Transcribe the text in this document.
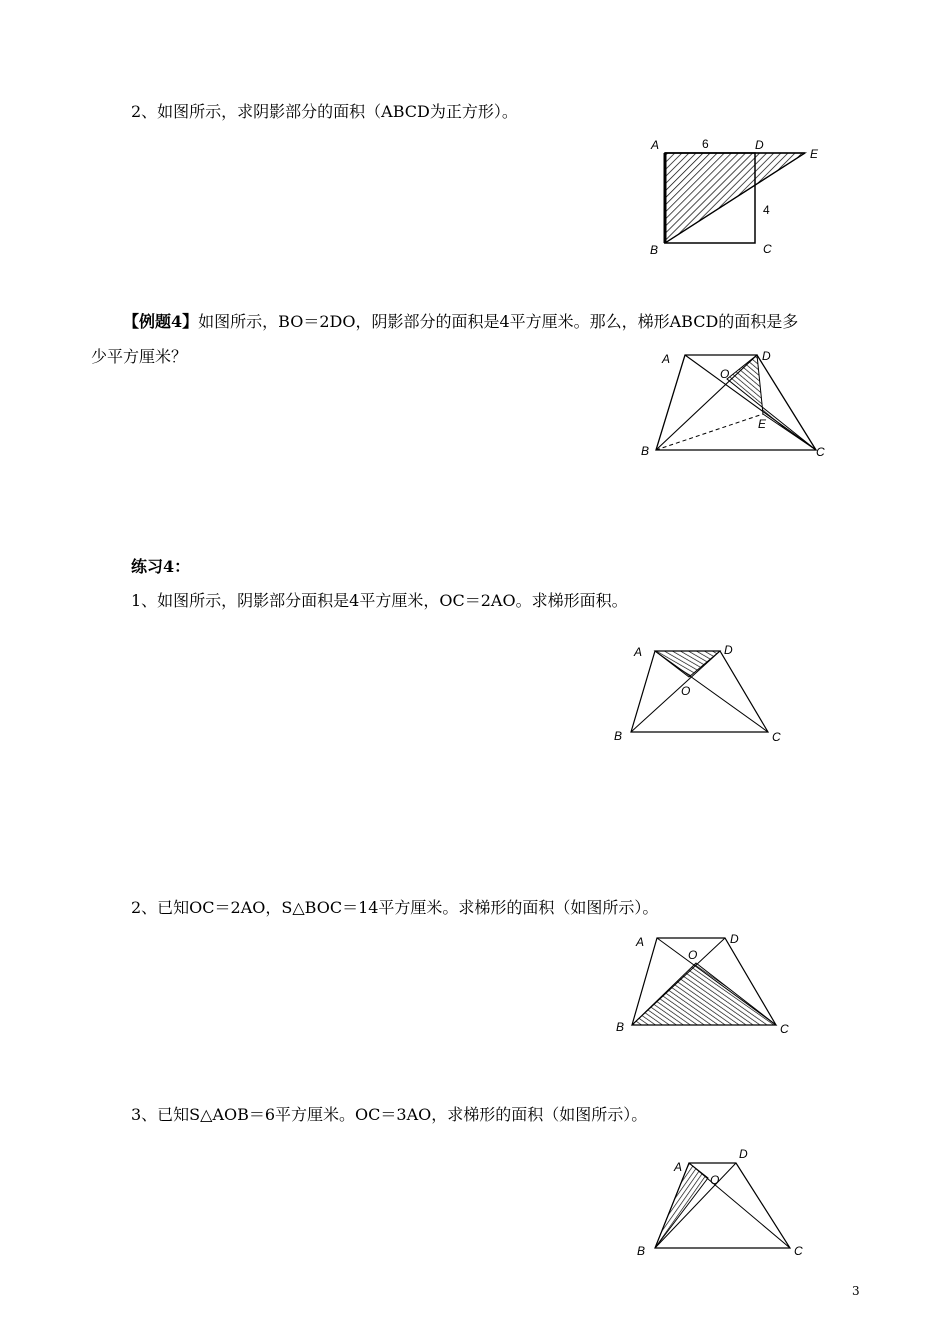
2、如图所示，求阴影部分的面积（ABCD为正方形）。
A	D
E
B	C
6
4
【例题4】如图所示，BO＝2DO，阴影部分的面积是4平方厘米。那么，梯形ABCD的面积是多
少平方厘米？	A	D
O
E
B	C
练习4：
1、如图所示，阴影部分面积是4平方厘米，OC＝2AO。求梯形面积。
A	D
O
B	C
2、已知OC＝2AO，S△BOC＝14平方厘米。求梯形的面积（如图所示）。
A	D
O
B	C
3、已知S△AOB＝6平方厘米。OC＝3AO，求梯形的面积（如图所示）。
A
D
O
B	C
3
